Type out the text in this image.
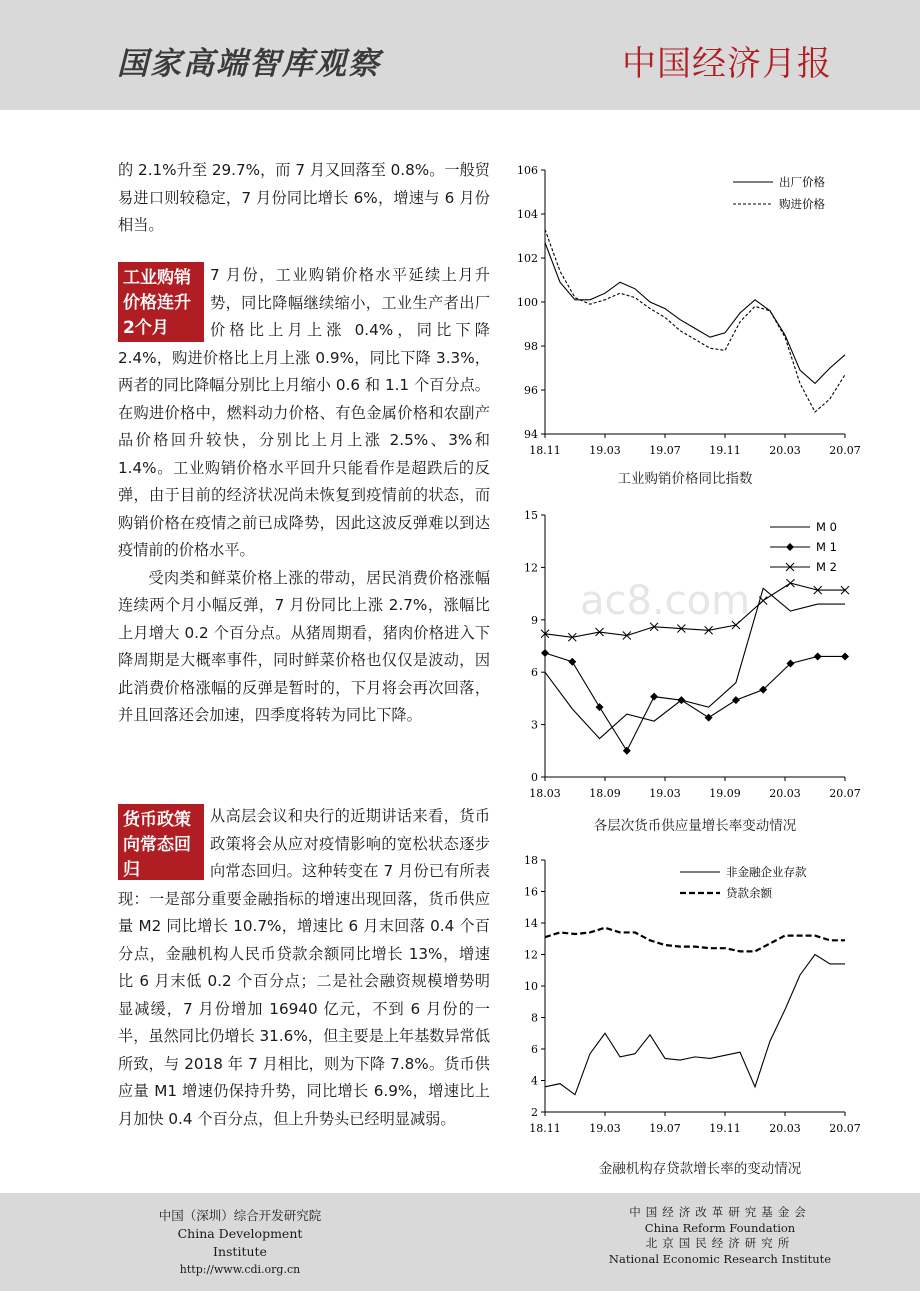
国家高端智库观察	中国经济月报
ac8.com

的 2.1%升至 29.7%，而 7 月又回落至 0.8%。一般贸易进口则较稳定，7 月份同比增长 6%，增速与 6 月份相当。

工业购销价格连升2个月

7 月份，工业购销价格水平延续上月升势，同比降幅继续缩小，工业生产者出厂价格比上月上涨 0.4%，同比下降 2.4%，购进价格比上月上涨 0.9%，同比下降 3.3%，两者的同比降幅分别比上月缩小 0.6 和 1.1 个百分点。在购进价格中，燃料动力价格、有色金属价格和农副产品价格回升较快，分别比上月上涨 2.5%、3%和 1.4%。工业购销价格水平回升只能看作是超跌后的反弹，由于目前的经济状况尚未恢复到疫情前的状态，而购销价格在疫情之前已成降势，因此这波反弹难以到达疫情前的价格水平。

受肉类和鲜菜价格上涨的带动，居民消费价格涨幅连续两个月小幅反弹，7 月份同比上涨 2.7%，涨幅比上月增大 0.2 个百分点。从猪周期看，猪肉价格进入下降周期是大概率事件，同时鲜菜价格也仅仅是波动，因此消费价格涨幅的反弹是暂时的，下月将会再次回落，并且回落还会加速，四季度将转为同比下降。

货币政策向常态回归

从高层会议和央行的近期讲话来看，货币政策将会从应对疫情影响的宽松状态逐步向常态回归。这种转变在 7 月份已有所表现：一是部分重要金融指标的增速出现回落，货币供应量 M2 同比增长 10.7%，增速比 6 月末回落 0.4 个百分点，金融机构人民币贷款余额同比增长 13%，增速比 6 月末低 0.2 个百分点；二是社会融资规模增势明显减缓，7 月份增加 16940 亿元，不到 6 月份的一半，虽然同比仍增长 31.6%，但主要是上年基数异常低所致，与 2018 年 7 月相比，则为下降 7.8%。货币供应量 M1 增速仍保持升势，同比增长 6.9%，增速比上月加快 0.4 个百分点，但上升势头已经明显减弱。

94
96
98
100
102
104
106
18.11	19.03	19.07	19.11	20.03	20.07
出厂价格
购进价格
工业购销价格同比指数
0
3
6
9
12
15
18.03	18.09	19.03	19.09	20.03	20.07
M 0
M 1
M 2
各层次货币供应量增长率变动情况
2
4
6
8
10
12
14
16
18
18.11	19.03	19.07	19.11	20.03	20.07
非金融企业存款
贷款余额
金融机构存贷款增长率的变动情况
中国（深圳）综合开发研究院
China Development Institute
http://www.cdi.org.cn
中国经济改革研究基金会
China Reform Foundation
北京国民经济研究所
National Economic Research Institute
